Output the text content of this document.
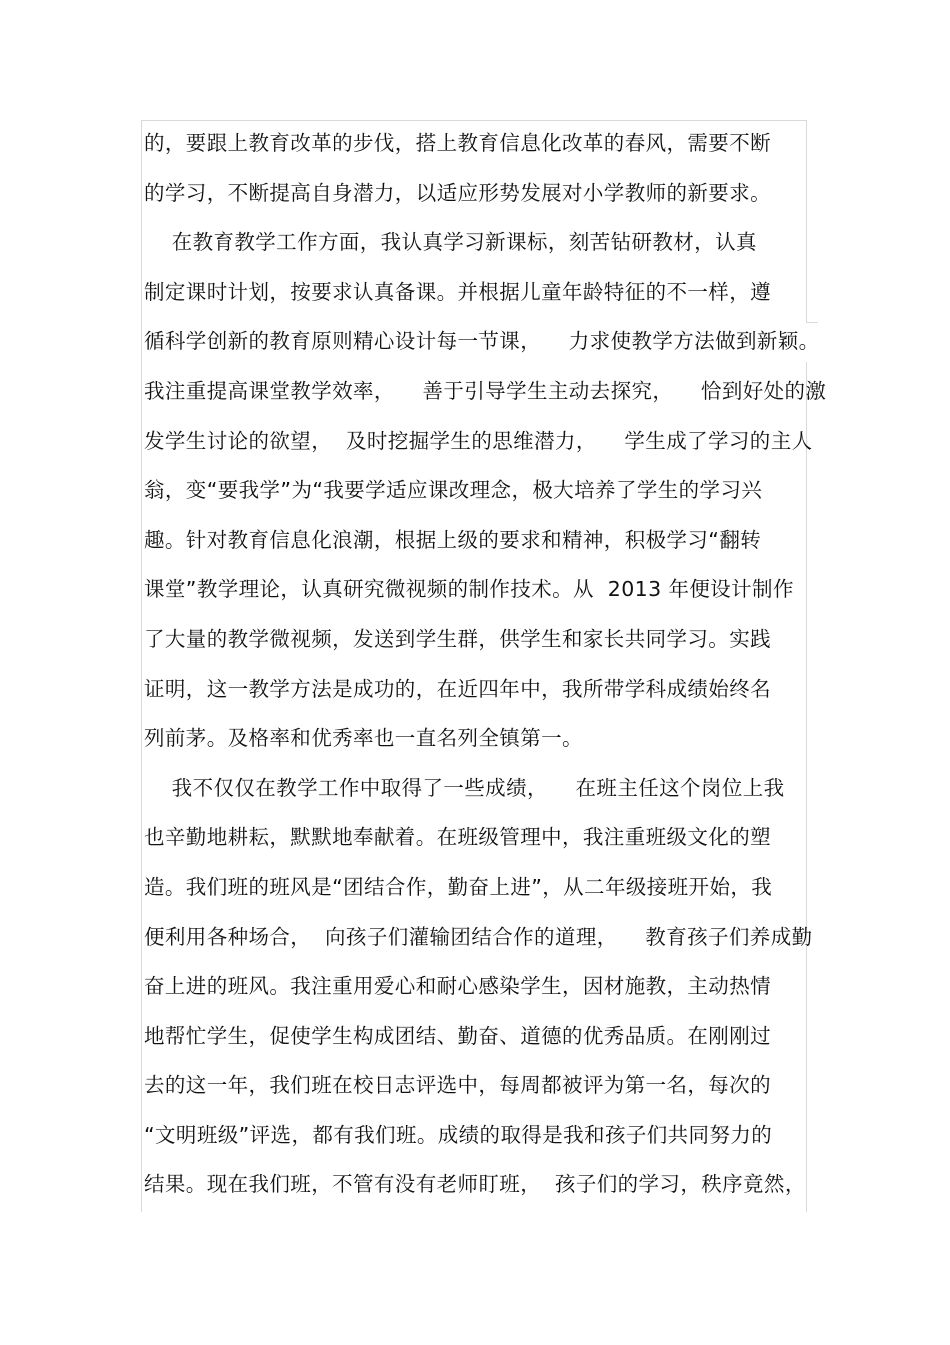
的，要跟上教育改革的步伐，搭上教育信息化改革的春风，需要不断
的学习，不断提高自身潜力，以适应形势发展对小学教师的新要求。
在教育教学工作方面，我认真学习新课标，刻苦钻研教材，认真
制定课时计划，按要求认真备课。并根据儿童年龄特征的不一样，遵
循科学创新的教育原则精心设计每一节课，    力求使教学方法做到新颖。
我注重提高课堂教学效率，    善于引导学生主动去探究，    恰到好处的激
发学生讨论的欲望，  及时挖掘学生的思维潜力，    学生成了学习的主人
翁，变“要我学”为“我要学适应课改理念，极大培养了学生的学习兴
趣。针对教育信息化浪潮，根据上级的要求和精神，积极学习“翻转
课堂”教学理论，认真研究微视频的制作技术。从  2013 年便设计制作
了大量的教学微视频，发送到学生群，供学生和家长共同学习。实践
证明，这一教学方法是成功的，在近四年中，我所带学科成绩始终名
列前茅。及格率和优秀率也一直名列全镇第一。
我不仅仅在教学工作中取得了一些成绩，    在班主任这个岗位上我
也辛勤地耕耘，默默地奉献着。在班级管理中，我注重班级文化的塑
造。我们班的班风是“团结合作，勤奋上进”，从二年级接班开始，我
便利用各种场合，  向孩子们灌输团结合作的道理，    教育孩子们养成勤
奋上进的班风。我注重用爱心和耐心感染学生，因材施教，主动热情
地帮忙学生，促使学生构成团结、勤奋、道德的优秀品质。在刚刚过
去的这一年，我们班在校日志评选中，每周都被评为第一名，每次的
“文明班级”评选，都有我们班。成绩的取得是我和孩子们共同努力的
结果。现在我们班，不管有没有老师盯班，  孩子们的学习，秩序竟然，
